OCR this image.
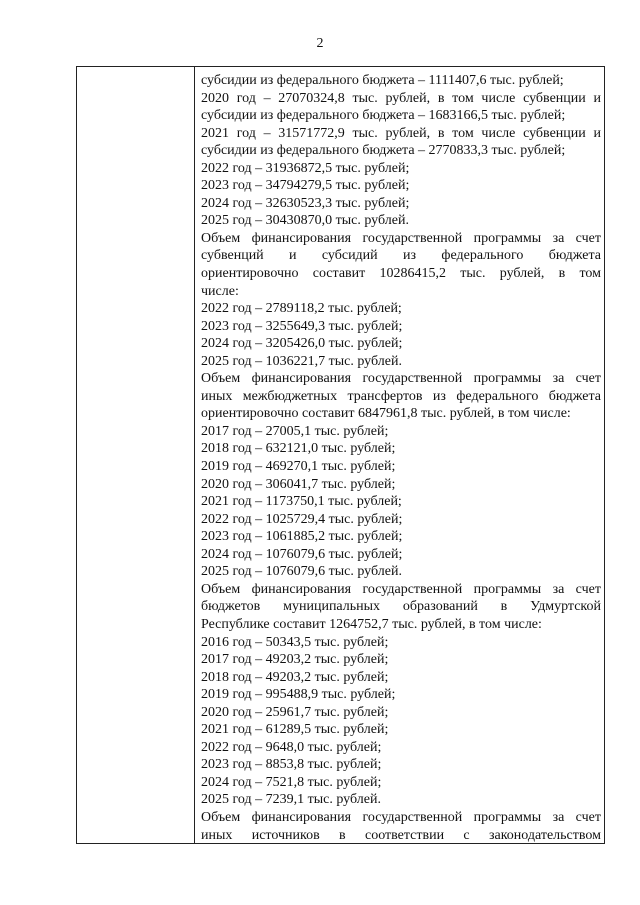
2
субсидии из федерального бюджета – 1111407,6 тыс. рублей;
2020 год – 27070324,8 тыс. рублей, в том числе субвенции и
субсидии из федерального бюджета – 1683166,5 тыс. рублей;
2021 год – 31571772,9 тыс. рублей, в том числе субвенции и
субсидии из федерального бюджета – 2770833,3 тыс. рублей;
2022 год – 31936872,5 тыс. рублей;
2023 год – 34794279,5 тыс. рублей;
2024 год – 32630523,3 тыс. рублей;
2025 год – 30430870,0 тыс. рублей.
Объем финансирования государственной программы за счет
субвенций и субсидий из федерального бюджета
ориентировочно составит 10286415,2 тыс. рублей, в том
числе:
2022 год – 2789118,2 тыс. рублей;
2023 год – 3255649,3 тыс. рублей;
2024 год – 3205426,0 тыс. рублей;
2025 год – 1036221,7 тыс. рублей.
Объем финансирования государственной программы за счет
иных межбюджетных трансфертов из федерального бюджета
ориентировочно составит 6847961,8 тыс. рублей, в том числе:
2017 год – 27005,1 тыс. рублей;
2018 год – 632121,0 тыс. рублей;
2019 год – 469270,1 тыс. рублей;
2020 год – 306041,7 тыс. рублей;
2021 год – 1173750,1 тыс. рублей;
2022 год – 1025729,4 тыс. рублей;
2023 год – 1061885,2 тыс. рублей;
2024 год – 1076079,6 тыс. рублей;
2025 год – 1076079,6 тыс. рублей.
Объем финансирования государственной программы за счет
бюджетов муниципальных образований в Удмуртской
Республике составит 1264752,7 тыс. рублей, в том числе:
2016 год – 50343,5 тыс. рублей;
2017 год – 49203,2 тыс. рублей;
2018 год – 49203,2 тыс. рублей;
2019 год – 995488,9 тыс. рублей;
2020 год – 25961,7 тыс. рублей;
2021 год – 61289,5 тыс. рублей;
2022 год – 9648,0 тыс. рублей;
2023 год – 8853,8 тыс. рублей;
2024 год – 7521,8 тыс. рублей;
2025 год – 7239,1 тыс. рублей.
Объем финансирования государственной программы за счет
иных источников в соответствии с законодательством
